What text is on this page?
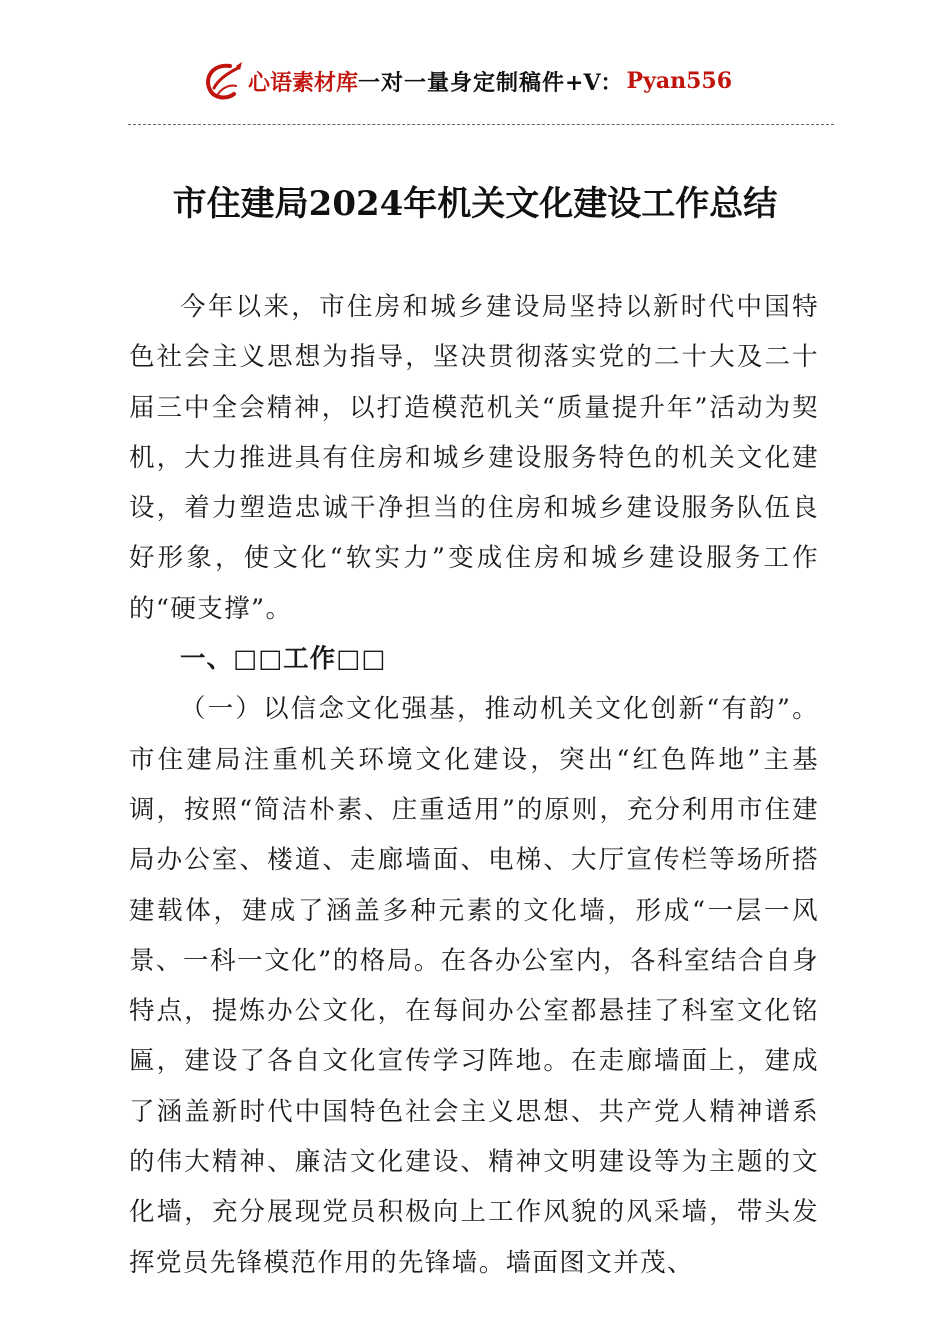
心语素材库 一对一量身定制稿件 +V： Pyan556
市住建局2024年机关文化建设工作总结

今年以来，市住房和城乡建设局坚持以新时代中国特色社会主义思想为指导，坚决贯彻落实党的二十大及二十届三中全会精神，以打造模范机关“质量提升年”活动为契机，大力推进具有住房和城乡建设服务特色的机关文化建设，着力塑造忠诚干净担当的住房和城乡建设服务队伍良好形象，使文化“软实力”变成住房和城乡建设服务工作的“硬支撑”。

一、□□工作□□

（一）以信念文化强基，推动机关文化创新“有韵”。市住建局注重机关环境文化建设，突出“红色阵地”主基调，按照“简洁朴素、庄重适用”的原则，充分利用市住建局办公室、楼道、走廊墙面、电梯、大厅宣传栏等场所搭建载体，建成了涵盖多种元素的文化墙，形成“一层一风景、一科一文化”的格局。在各办公室内，各科室结合自身特点，提炼办公文化，在每间办公室都悬挂了科室文化铭匾，建设了各自文化宣传学习阵地。在走廊墙面上，建成了涵盖新时代中国特色社会主义思想、共产党人精神谱系的伟大精神、廉洁文化建设、精神文明建设等为主题的文化墙，充分展现党员积极向上工作风貌的风采墙，带头发挥党员先锋模范作用的先锋墙。墙面图文并茂、
